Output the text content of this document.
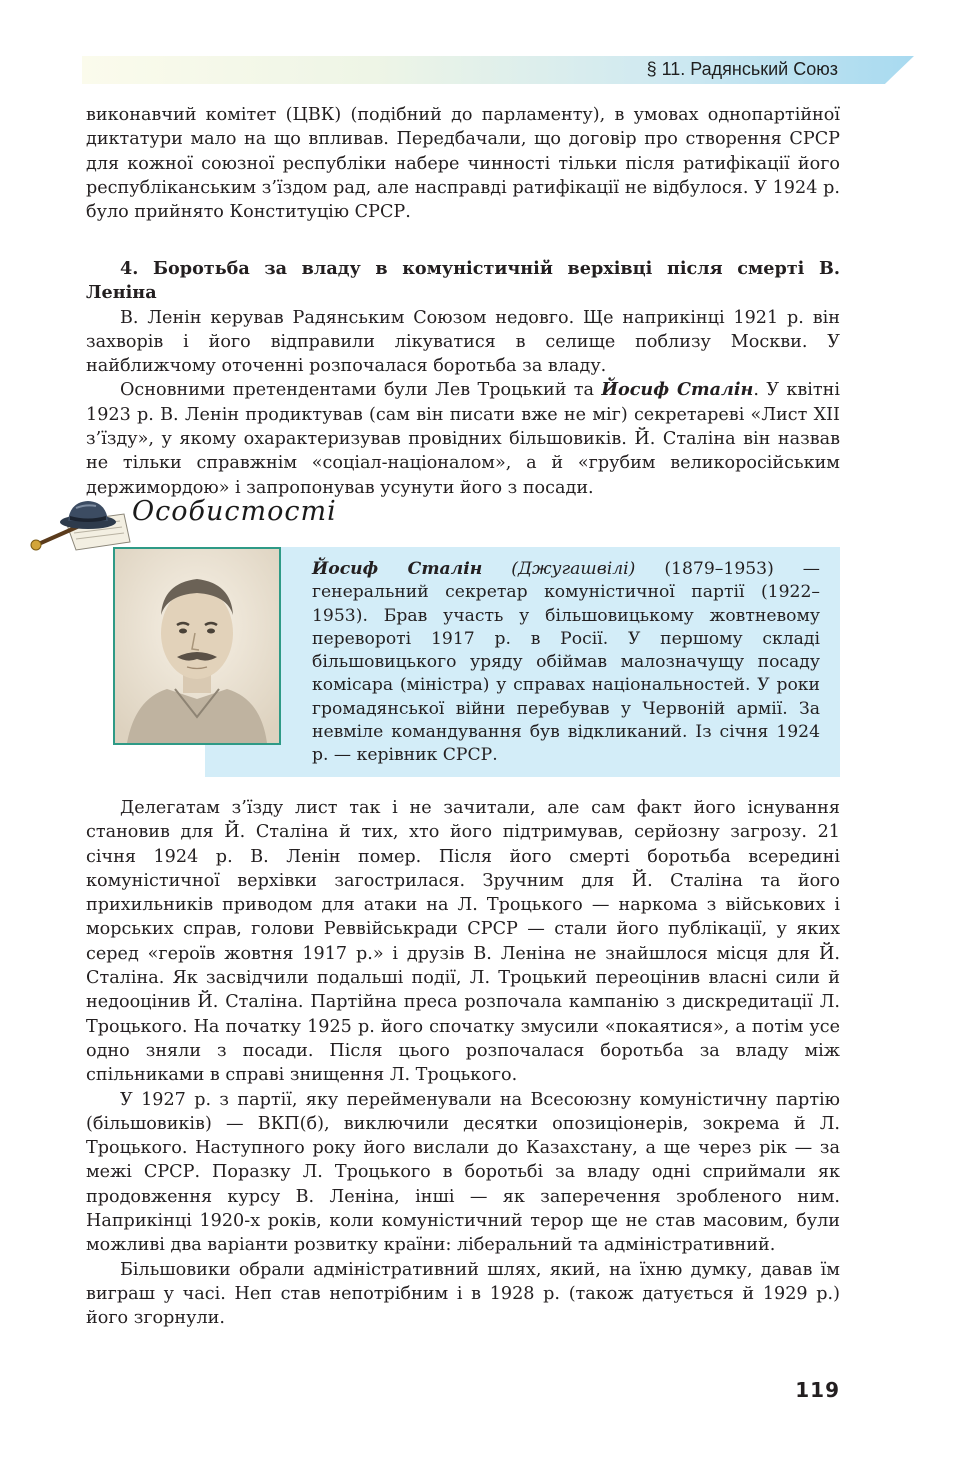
§ 11. Радянський Союз

виконавчий комітет (ЦВК) (подібний до парламенту), в умовах однопартійної диктатури мало на що впливав. Передбачали, що договір про створення СРСР для кожної союзної республіки набере чинності тільки після ратифікації його республіканським з’їздом рад, але насправді ратифікації не відбулося. У 1924 р. було прийнято Конституцію СРСР.

4. Боротьба за владу в комуністичній верхівці після смерті В. Леніна

В. Ленін керував Радянським Союзом недовго. Ще наприкінці 1921 р. він захворів і його відправили лікуватися в селище поблизу Москви. У найближчому оточенні розпочалася боротьба за владу.

Основними претендентами були Лев Троцький та Йосиф Сталін. У квітні 1923 р. В. Ленін продиктував (сам він писати вже не міг) секретареві «Лист XII з’їзду», у якому охарактеризував провідних більшовиків. Й. Сталіна він назвав не тільки справжнім «соціал-націоналом», а й «грубим великоросійським держимордою» і запропонував усунути його з посади.

Особистості

Йосиф Сталін (Джугашвілі) (1879–1953) — генеральний секретар комуністичної партії (1922–1953). Брав участь у більшовицькому жовтневому перевороті 1917 р. в Росії. У першому складі більшовицького уряду обіймав малозначущу посаду комісара (міністра) у справах національностей. У роки громадянської війни перебував у Червоній армії. За невміле командування був відкликаний. Із січня 1924 р. — керівник СРСР.

Делегатам з’їзду лист так і не зачитали, але сам факт його існування становив для Й. Сталіна й тих, хто його підтримував, серйозну загрозу. 21 січня 1924 р. В. Ленін помер. Після його смерті боротьба всередині комуністичної верхівки загострилася. Зручним для Й. Сталіна та його прихильників приводом для атаки на Л. Троцького — наркома з військових і морських справ, голови Реввійськради СРСР — стали його публікації, у яких серед «героїв жовтня 1917 р.» і друзів В. Леніна не знайшлося місця для Й. Сталіна. Як засвідчили подальші події, Л. Троцький переоцінив власні сили й недооцінив Й. Сталіна. Партійна преса розпочала кампанію з дискредитації Л. Троцького. На початку 1925 р. його спочатку змусили «покаятися», а потім усе одно зняли з посади. Після цього розпочалася боротьба за владу між спільниками в справі знищення Л. Троцького.

У 1927 р. з партії, яку перейменували на Всесоюзну комуністичну партію (більшовиків) — ВКП(б), виключили десятки опозиціонерів, зокрема й Л. Троцького. Наступного року його вислали до Казахстану, а ще через рік — за межі СРСР. Поразку Л. Троцького в боротьбі за владу одні сприймали як продовження курсу В. Леніна, інші — як заперечення зробленого ним. Наприкінці 1920-х років, коли комуністичний терор ще не став масовим, були можливі два варіанти розвитку країни: ліберальний та адміністративний.

Більшовики обрали адміністративний шлях, який, на їхню думку, давав їм виграш у часі. Неп став непотрібним і в 1928 р. (також датується й 1929 р.) його згорнули.

119
